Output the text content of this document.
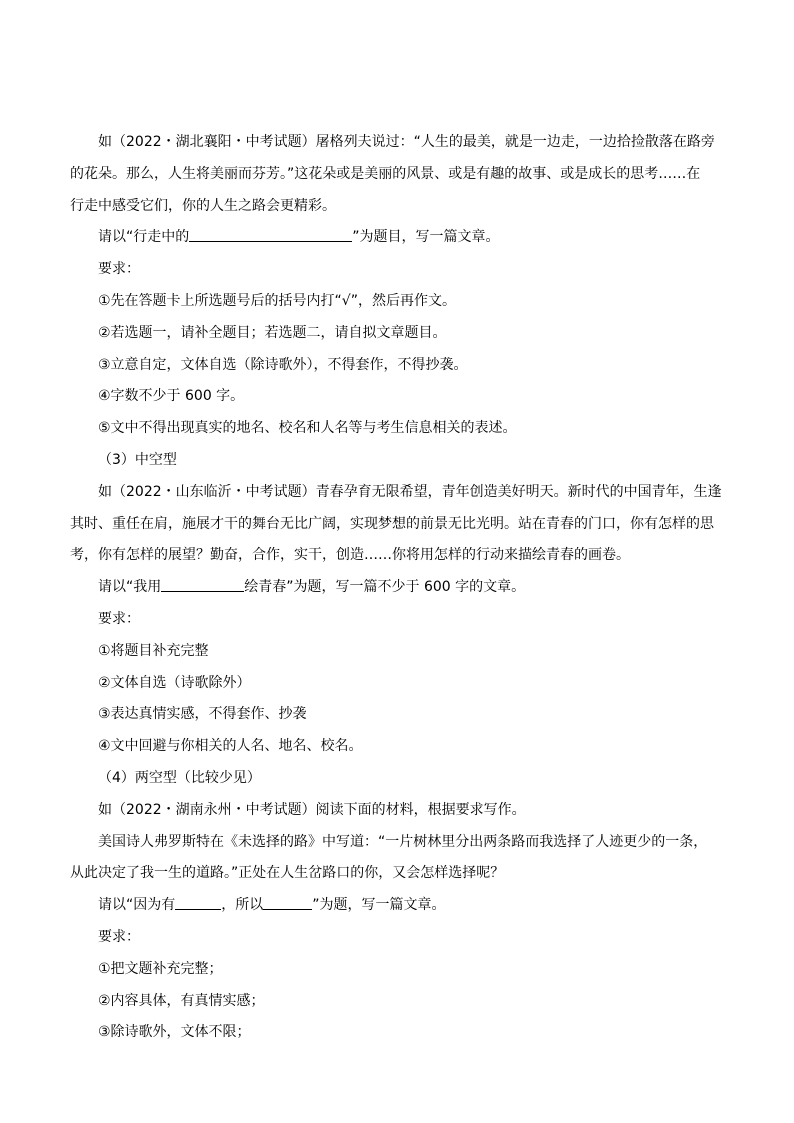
如（2022・湖北襄阳・中考试题）屠格列夫说过：“人生的最美，就是一边走，一边拾捡散落在路旁
的花朵。那么，人生将美丽而芬芳。”这花朵或是美丽的风景、或是有趣的故事、或是成长的思考……在
行走中感受它们，你的人生之路会更精彩。
请以“行走中的	”为题目，写一篇文章。
要求：
①先在答题卡上所选题号后的括号内打“√”，然后再作文。
②若选题一，请补全题目；若选题二，请自拟文章题目。
③立意自定，文体自选（除诗歌外），不得套作，不得抄袭。
④字数不少于 600 字。
⑤文中不得出现真实的地名、校名和人名等与考生信息相关的表述。
（3）中空型
如（2022・山东临沂・中考试题）青春孕育无限希望，青年创造美好明天。新时代的中国青年，生逢
其时、重任在肩，施展才干的舞台无比广阔，实现梦想的前景无比光明。站在青春的门口，你有怎样的思
考，你有怎样的展望？勤奋，合作，实干，创造……你将用怎样的行动来描绘青春的画卷。
请以“我用	绘青春”为题，写一篇不少于 600 字的文章。
要求：
①将题目补充完整
②文体自选（诗歌除外）
③表达真情实感，不得套作、抄袭
④文中回避与你相关的人名、地名、校名。
（4）两空型（比较少见）
如（2022・湖南永州・中考试题）阅读下面的材料，根据要求写作。
美国诗人弗罗斯特在《未选择的路》中写道：“一片树林里分出两条路而我选择了人迹更少的一条，
从此决定了我一生的道路。”正处在人生岔路口的你，又会怎样选择呢？
请以“因为有	，所以	”为题，写一篇文章。
要求：
①把文题补充完整；
②内容具体，有真情实感；
③除诗歌外，文体不限；
